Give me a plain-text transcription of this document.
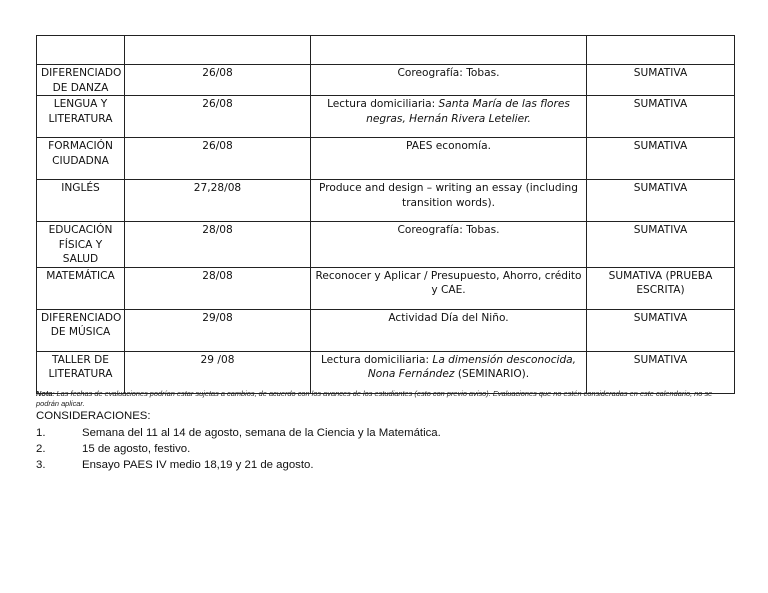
DIFERENCIADO DE DANZA	26/08	Coreografía: Tobas.	SUMATIVA
LENGUA Y LITERATURA	26/08	Lectura domiciliaria: Santa María de las flores negras, Hernán Rivera Letelier.	SUMATIVA
FORMACIÓN CIUDADNA	26/08	PAES economía.	SUMATIVA
INGLÉS	27,28/08	Produce and design – writing an essay (including transition words).	SUMATIVA
EDUCACIÓN FÍSICA Y SALUD	28/08	Coreografía: Tobas.	SUMATIVA
MATEMÁTICA	28/08	Reconocer y Aplicar / Presupuesto, Ahorro, crédito y CAE.	SUMATIVA (PRUEBA ESCRITA)
DIFERENCIADO DE MÚSICA	29/08	Actividad Día del Niño.	SUMATIVA
TALLER DE LITERATURA	29 /08	Lectura domiciliaria: La dimensión desconocida, Nona Fernández (SEMINARIO).	SUMATIVA
Nota: Las fechas de evaluaciones podrían estar sujetas a cambios, de acuerdo con los avances de los estudiantes (esto con previo aviso). Evaluaciones que no estén consideradas en este calendario, no se podrán aplicar.
CONSIDERACIONES:
1.	Semana del 11 al 14 de agosto, semana de la Ciencia y la Matemática.
2.	15 de agosto, festivo.
3.	Ensayo PAES IV medio 18,19 y 21 de agosto.
